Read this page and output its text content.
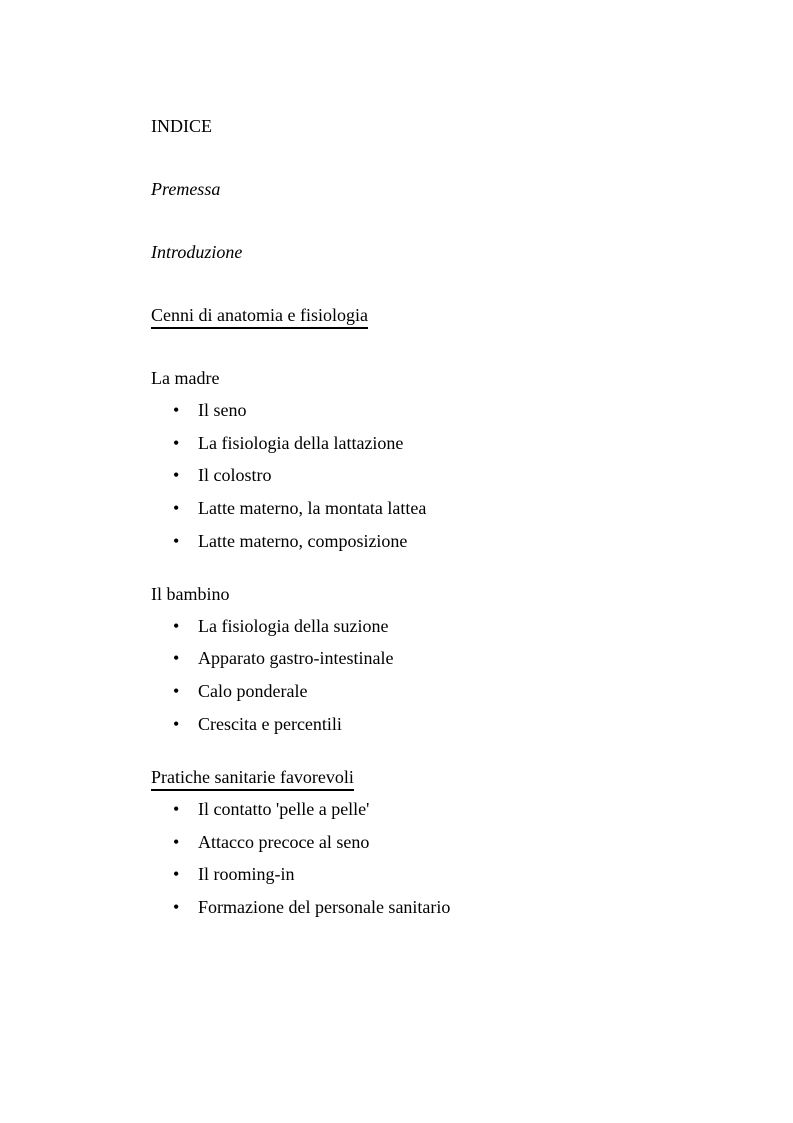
INDICE
Premessa
Introduzione
Cenni di anatomia e fisiologia
La madre
• Il seno
• La fisiologia della lattazione
• Il colostro
• Latte materno, la montata lattea
• Latte materno, composizione
Il bambino
• La fisiologia della suzione
• Apparato gastro-intestinale
• Calo ponderale
• Crescita e percentili
Pratiche sanitarie favorevoli
• Il contatto 'pelle a pelle'
• Attacco precoce al seno
• Il rooming-in
• Formazione del personale sanitario
